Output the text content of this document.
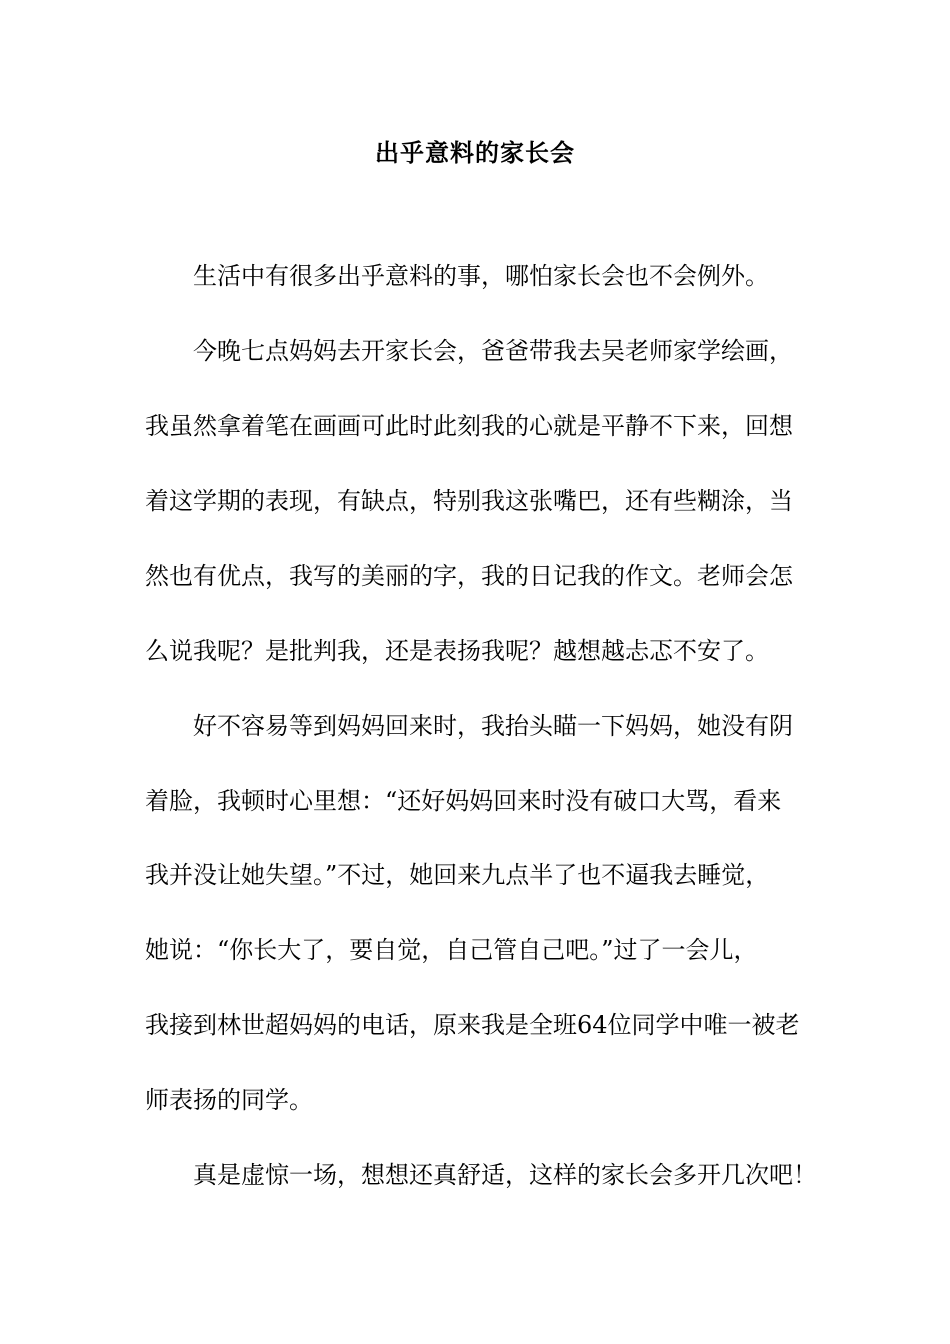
出乎意料的家长会
生活中有很多出乎意料的事，哪怕家长会也不会例外。
今晚七点妈妈去开家长会，爸爸带我去吴老师家学绘画，
我虽然拿着笔在画画可此时此刻我的心就是平静不下来，回想
着这学期的表现，有缺点，特别我这张嘴巴，还有些糊涂，当
然也有优点，我写的美丽的字，我的日记我的作文。老师会怎
么说我呢？是批判我，还是表扬我呢？越想越忐忑不安了。
好不容易等到妈妈回来时，我抬头瞄一下妈妈，她没有阴
着脸，我顿时心里想：“还好妈妈回来时没有破口大骂，看来
我并没让她失望。”不过，她回来九点半了也不逼我去睡觉，
她说：“你长大了，要自觉，自己管自己吧。”过了一会儿，
我接到林世超妈妈的电话，原来我是全班64位同学中唯一被老
师表扬的同学。
真是虚惊一场，想想还真舒适，这样的家长会多开几次吧！
